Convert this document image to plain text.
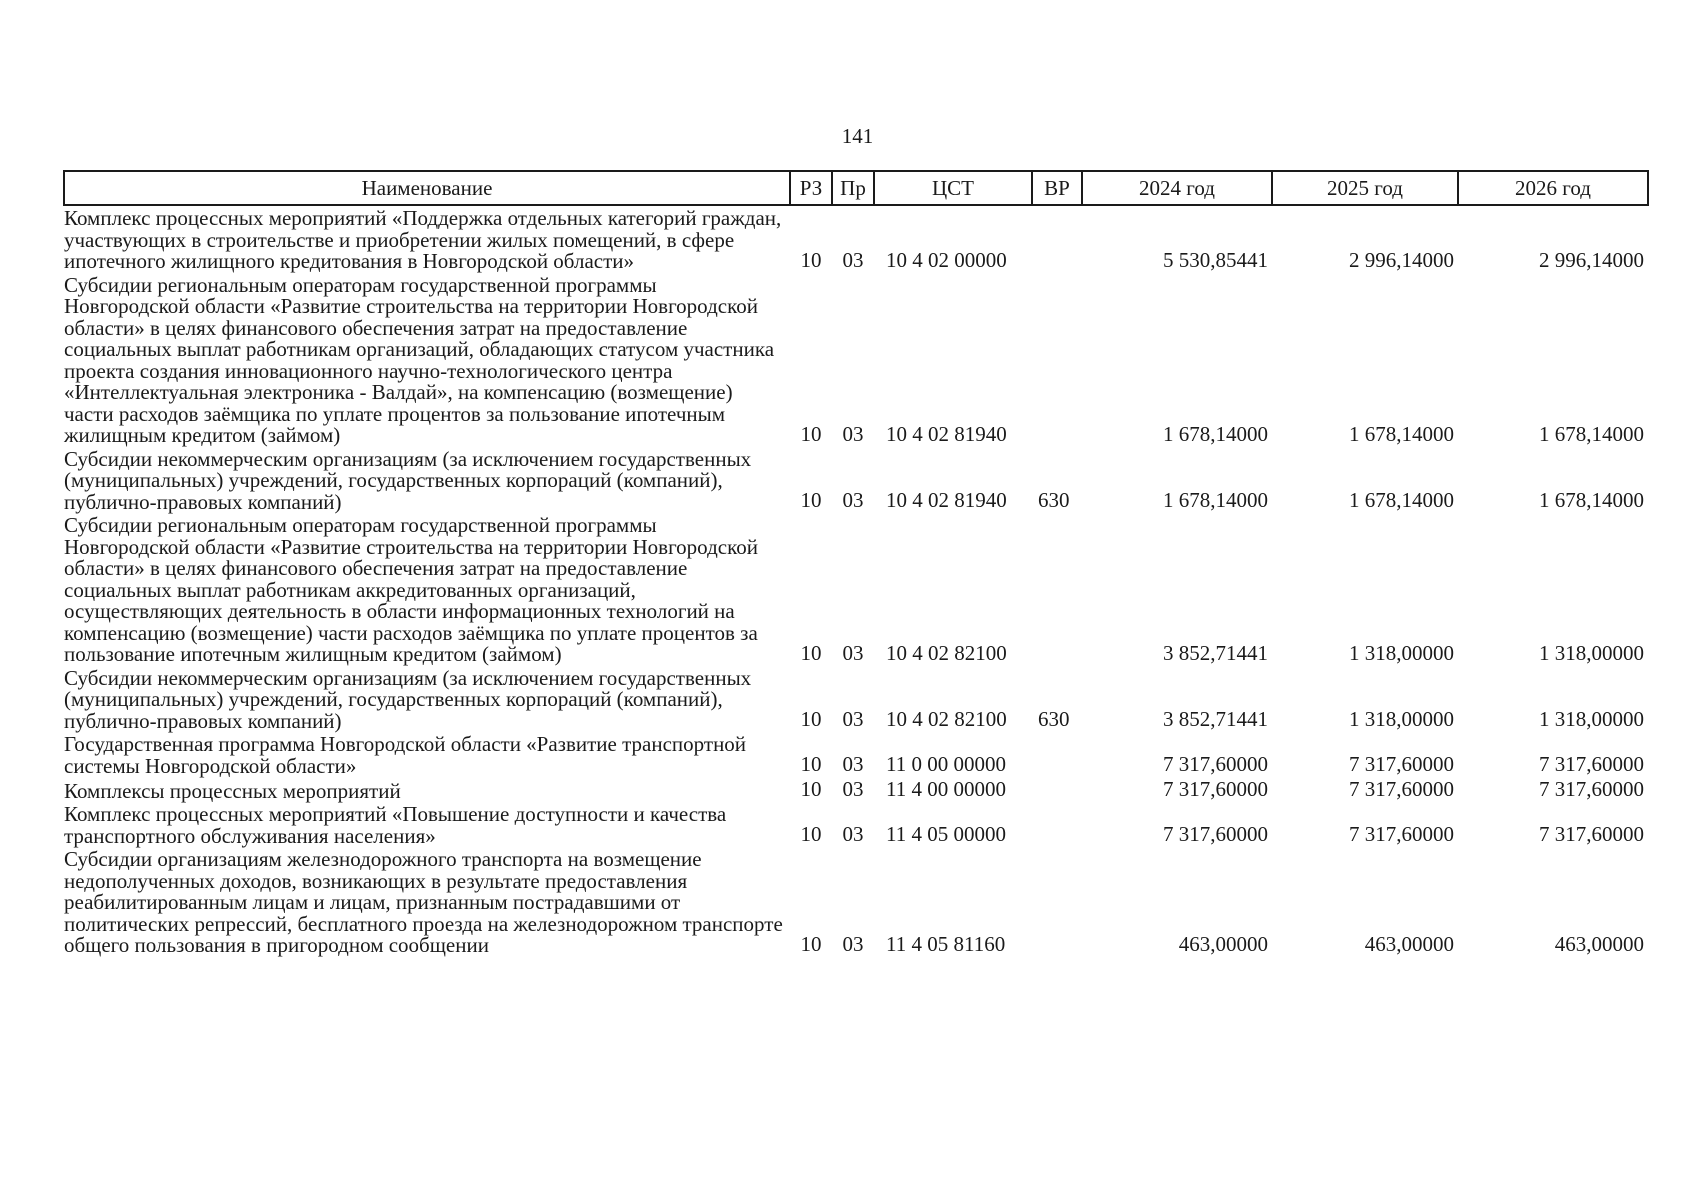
141
Наименование	РЗ	Пр	ЦСТ	ВР	2024 год	2025 год	2026 год
Комплекс процессных мероприятий «Поддержка отдельных категорий граждан, участвующих в строительстве и приобретении жилых помещений, в сфере ипотечного жилищного кредитования в Новгородской области»	10	03	10 4 02 00000		5 530,85441	2 996,14000	2 996,14000
Субсидии региональным операторам государственной программы Новгородской области «Развитие строительства на территории Новгородской области» в целях финансового обеспечения затрат на предоставление социальных выплат работникам организаций, обладающих статусом участника проекта создания инновационного научно-технологического центра «Интеллектуальная электроника - Валдай», на компенсацию (возмещение) части расходов заёмщика по уплате процентов за пользование ипотечным жилищным кредитом (займом)	10	03	10 4 02 81940		1 678,14000	1 678,14000	1 678,14000
Субсидии некоммерческим организациям (за исключением государственных (муниципальных) учреждений, государственных корпораций (компаний), публично-правовых компаний)	10	03	10 4 02 81940	630	1 678,14000	1 678,14000	1 678,14000
Субсидии региональным операторам государственной программы Новгородской области «Развитие строительства на территории Новгородской области» в целях финансового обеспечения затрат на предоставление социальных выплат работникам аккредитованных организаций, осуществляющих деятельность в области информационных технологий на компенсацию (возмещение) части расходов заёмщика по уплате процентов за пользование ипотечным жилищным кредитом (займом)	10	03	10 4 02 82100		3 852,71441	1 318,00000	1 318,00000
Субсидии некоммерческим организациям (за исключением государственных (муниципальных) учреждений, государственных корпораций (компаний), публично-правовых компаний)	10	03	10 4 02 82100	630	3 852,71441	1 318,00000	1 318,00000
Государственная программа Новгородской области «Развитие транспортной системы Новгородской области»	10	03	11 0 00 00000		7 317,60000	7 317,60000	7 317,60000
Комплексы процессных мероприятий	10	03	11 4 00 00000		7 317,60000	7 317,60000	7 317,60000
Комплекс процессных мероприятий «Повышение доступности и качества транспортного обслуживания населения»	10	03	11 4 05 00000		7 317,60000	7 317,60000	7 317,60000
Субсидии организациям железнодорожного транспорта на возмещение недополученных доходов, возникающих в результате предоставления реабилитированным лицам и лицам, признанным пострадавшими от политических репрессий, бесплатного проезда на железнодорожном транспорте общего пользования в пригородном сообщении	10	03	11 4 05 81160		463,00000	463,00000	463,00000
